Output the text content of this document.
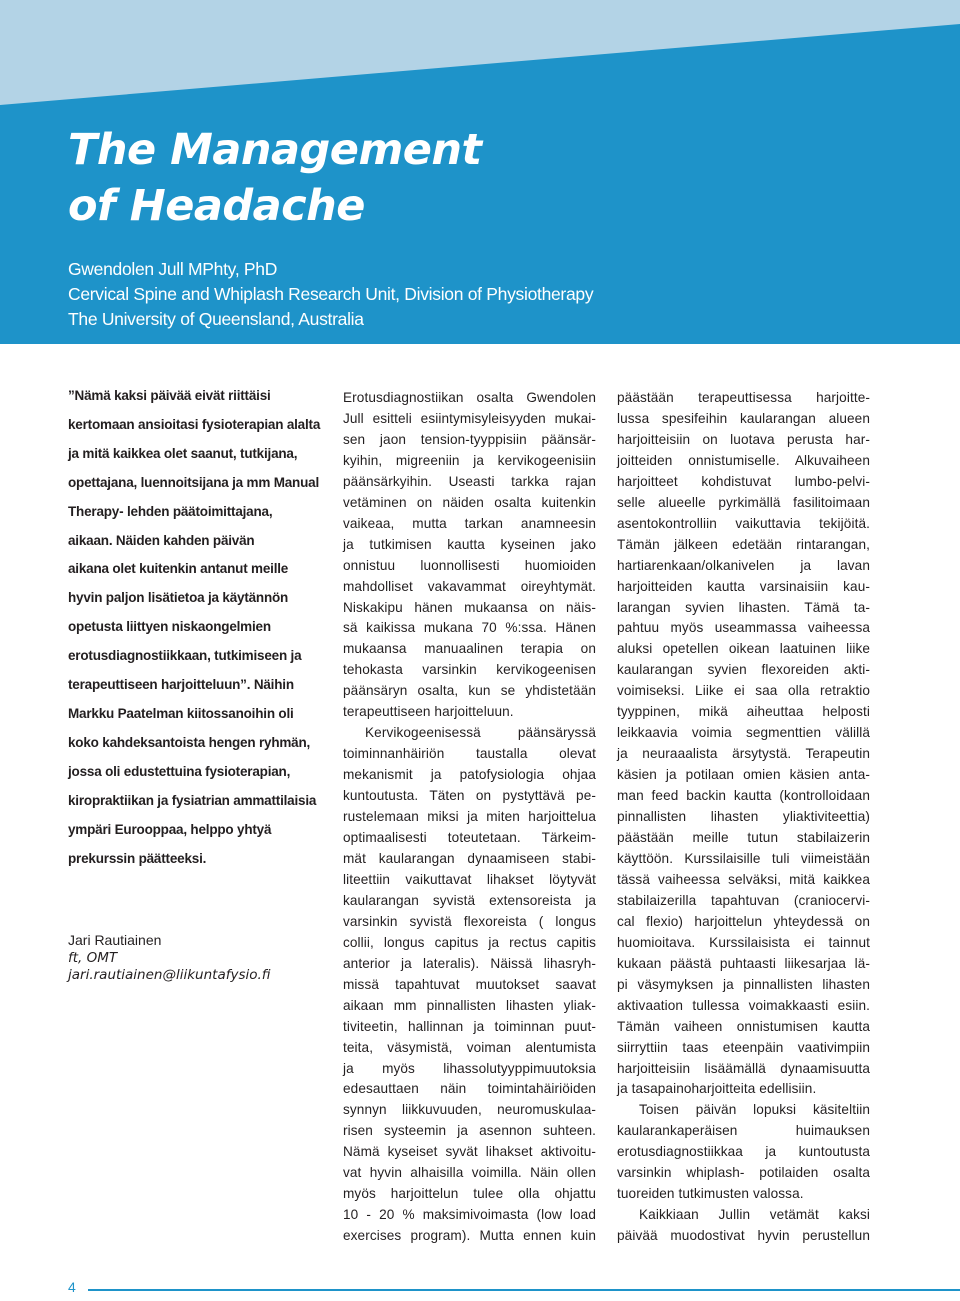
The Management
of Headache
Gwendolen Jull MPhty, PhD
Cervical Spine and Whiplash Research Unit, Division of Physiotherapy
The University of Queensland, Australia

”Nämä kaksi päivää eivät riittäisi
kertomaan ansioitasi fysioterapian alalta
ja mitä kaikkea olet saanut, tutkijana,
opettajana, luennoitsijana ja mm Manual
Therapy- lehden päätoimittajana,
aikaan. Näiden kahden päivän
aikana olet kuitenkin antanut meille
hyvin paljon lisätietoa ja käytännön
opetusta liittyen niskaongelmien
erotusdiagnostiikkaan, tutkimiseen ja
terapeuttiseen harjoitteluun”. Näihin
Markku Paatelman kiitossanoihin oli
koko kahdeksantoista hengen ryhmän,
jossa oli edustettuina fysioterapian,
kiropraktiikan ja fysiatrian ammattilaisia
ympäri Eurooppaa, helppo yhtyä
prekurssin päätteeksi.

Jari Rautiainen
ft, OMT
jari.rautiainen@liikuntafysio.fi

Erotusdiagnostiikan osalta Gwendolen
Jull esitteli esiintymisyleisyyden mukai-
sen jaon tension-tyyppisiin päänsär-
kyihin, migreeniin ja kervikogeenisiin
päänsärkyihin. Useasti tarkka rajan
vetäminen on näiden osalta kuitenkin
vaikeaa, mutta tarkan anamneesin
ja tutkimisen kautta kyseinen jako
onnistuu luonnollisesti huomioiden
mahdolliset vakavammat oireyhtymät.
Niskakipu hänen mukaansa on näis-
sä kaikissa mukana 70 %:ssa. Hänen
mukaansa manuaalinen terapia on
tehokasta varsinkin kervikogeenisen
päänsäryn osalta, kun se yhdistetään
terapeuttiseen harjoitteluun.

Kervikogeenisessä päänsäryssä
toiminnanhäiriön taustalla olevat
mekanismit ja patofysiologia ohjaa
kuntoutusta. Täten on pystyttävä pe-
rustelemaan miksi ja miten harjoittelua
optimaalisesti toteutetaan. Tärkeim-
mät kaularangan dynaamiseen stabi-
liteettiin vaikuttavat lihakset löytyvät
kaularangan syvistä extensoreista ja
varsinkin syvistä flexoreista ( longus
collii, longus capitus ja rectus capitis
anterior ja lateralis). Näissä lihasryh-
missä tapahtuvat muutokset saavat
aikaan mm pinnallisten lihasten yliak-
tiviteetin, hallinnan ja toiminnan puut-
teita, väsymistä, voiman alentumista
ja myös lihassolutyyppimuutoksia
edesauttaen näin toimintahäiriöiden
synnyn liikkuvuuden, neuromuskulaa-
risen systeemin ja asennon suhteen.
Nämä kyseiset syvät lihakset aktivoitu-
vat hyvin alhaisilla voimilla. Näin ollen
myös harjoittelun tulee olla ohjattu
10 - 20 % maksimivoimasta (low load
exercises program). Mutta ennen kuin

päästään terapeuttisessa harjoitte-
lussa spesifeihin kaularangan alueen
harjoitteisiin on luotava perusta har-
joitteiden onnistumiselle. Alkuvaiheen
harjoitteet kohdistuvat lumbo-pelvi-
selle alueelle pyrkimällä fasilitoimaan
asentokontrolliin vaikuttavia tekijöitä.
Tämän jälkeen edetään rintarangan,
hartiarenkaan/olkanivelen ja lavan
harjoitteiden kautta varsinaisiin kau-
larangan syvien lihasten. Tämä ta-
pahtuu myös useammassa vaiheessa
aluksi opetellen oikean laatuinen liike
kaularangan syvien flexoreiden akti-
voimiseksi. Liike ei saa olla retraktio
tyyppinen, mikä aiheuttaa helposti
leikkaavia voimia segmenttien välillä
ja neuraaalista ärsytystä. Terapeutin
käsien ja potilaan omien käsien anta-
man feed backin kautta (kontrolloidaan
pinnallisten lihasten yliaktiviteettia)
päästään meille tutun stabilaizerin
käyttöön. Kurssilaisille tuli viimeistään
tässä vaiheessa selväksi, mitä kaikkea
stabilaizerilla tapahtuvan (craniocervi-
cal flexio) harjoittelun yhteydessä on
huomioitava. Kurssilaisista ei tainnut
kukaan päästä puhtaasti liikesarjaa lä-
pi väsymyksen ja pinnallisten lihasten
aktivaation tullessa voimakkaasti esiin.
Tämän vaiheen onnistumisen kautta
siirryttiin taas eteenpäin vaativimpiin
harjoitteisiin lisäämällä dynaamisuutta
ja tasapainoharjoitteita edellisiin.

Toisen päivän lopuksi käsiteltiin
kaularankaperäisen huimauksen
erotusdiagnostiikkaa ja kuntoutusta
varsinkin whiplash- potilaiden osalta
tuoreiden tutkimusten valossa.

Kaikkiaan Jullin vetämät kaksi
päivää muodostivat hyvin perustellun

4
